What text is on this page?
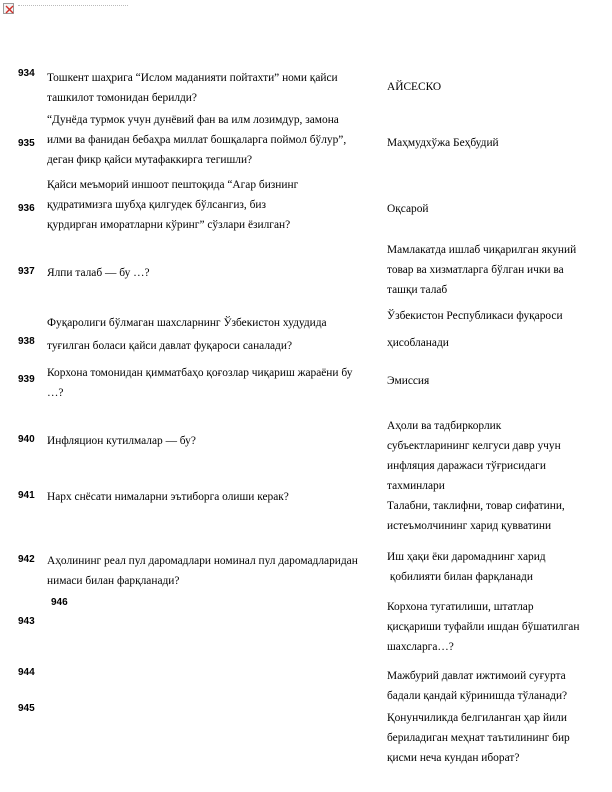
934
935
936
937
938
939
940
941
942
946
943
944
945
Тошкент шаҳрига “Ислом маданияти пойтахти” номи қайси
ташкилот томонидан берилди?
“Дунёда турмок учун дунёвий фан ва илм лозимдур, замона
илми ва фанидан бебаҳра миллат бошқаларга поймол бўлур”,
деган фикр қайси мутафаккирга тегишли?
Қайси меъморий иншоот пештоқида “Агар бизнинг
қудратимизга шубҳа қилгудек бўлсангиз, биз
қурдирган иморатларни кўринг” сўзлари ёзилган?
Ялпи талаб — бу …?
Фуқаролиги бўлмаган шахсларнинг Ўзбекистон худудида
туғилган боласи қайси давлат фуқароси саналади?
Корхона томонидан қимматбаҳо қоғозлар чиқариш жараёни бу
…?
Инфляцион кутилмалар — бу?
Нарх снёсати нималарни эътиборга олиши керак?
Аҳолининг реал пул даромадлари номинал пул даромадларидан
нимаси билан фарқланади?
АЙСЕСКО
Маҳмудхўжа Беҳбудий
Оқсарой
Мамлакатда ишлаб чиқарилган якуний
товар ва хизматларга бўлган ички ва
ташқи талаб
Ўзбекистон Республикаси фуқароси
ҳисобланади
Эмиссия
Аҳоли ва тадбиркорлик
субъектларининг келгуси давр учун
инфляция даражаси тўғрисидаги
тахминлари
Талабни, таклифни, товар сифатини,
истеъмолчининг харид қувватини
Иш ҳақи ёки даромаднинг харид
қобилияти билан фарқланади
Корхона тугатилиши, штатлар
қисқариши туфайли ишдан бўшатилган
шахсларга…?
Мажбурий давлат ижтимоий суғурта
бадали қандай кўринишда тўланади?
Қонунчиликда белгиланган ҳар йили
бериладиган меҳнат таътилининг бир
қисми неча кундан иборат?
